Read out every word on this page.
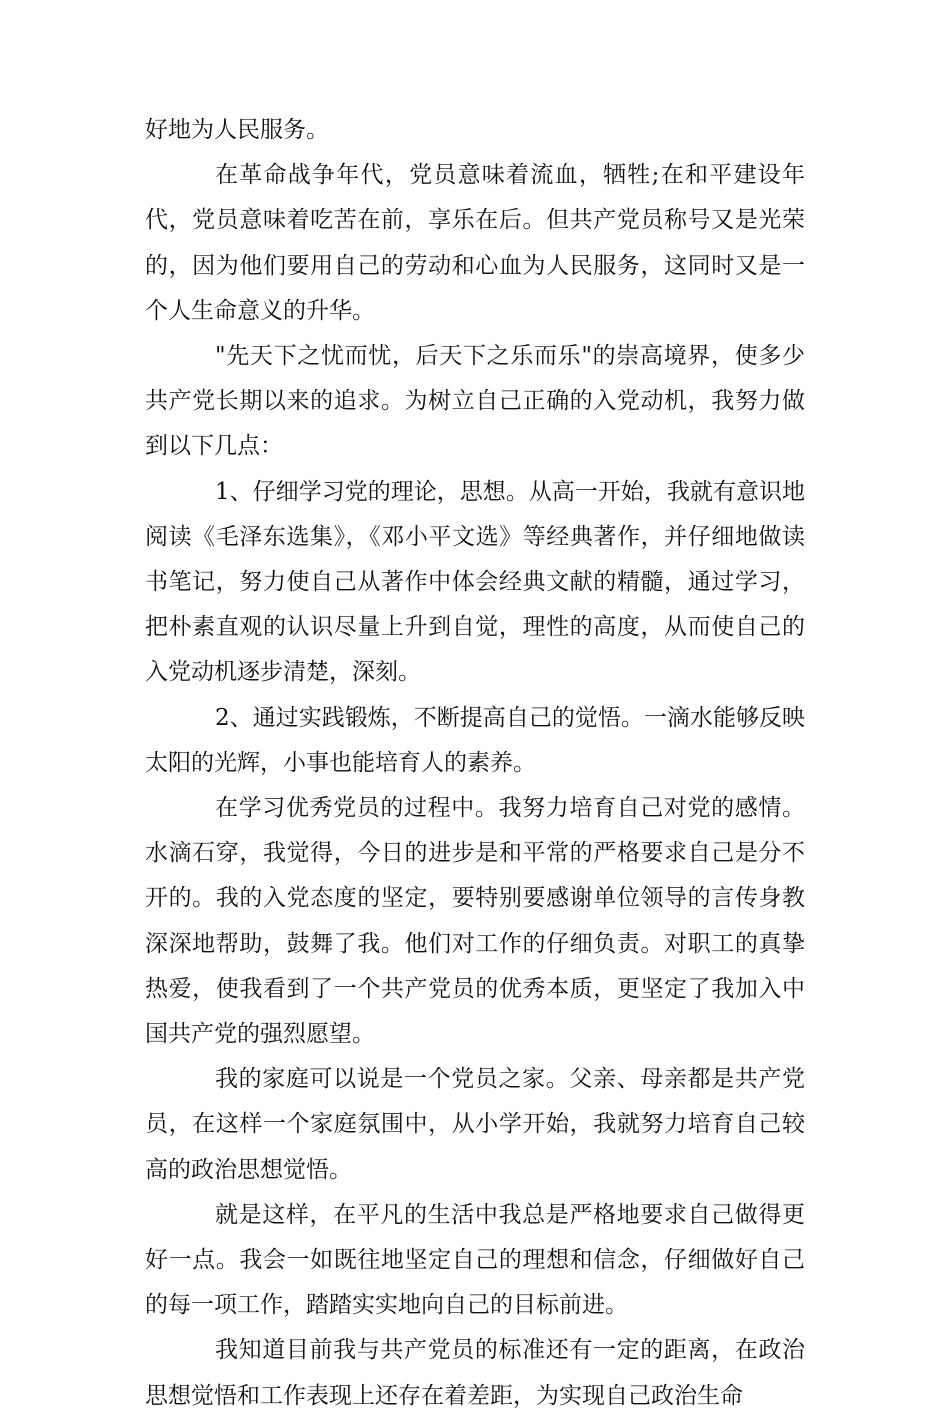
好地为人民服务。

在革命战争年代，党员意味着流血，牺牲;在和平建设年代，党员意味着吃苦在前，享乐在后。但共产党员称号又是光荣的，因为他们要用自己的劳动和心血为人民服务，这同时又是一个人生命意义的升华。

"先天下之忧而忧，后天下之乐而乐"的崇高境界，使多少共产党长期以来的追求。为树立自己正确的入党动机，我努力做到以下几点：

1、仔细学习党的理论，思想。从高一开始，我就有意识地阅读《毛泽东选集》，《邓小平文选》等经典著作，并仔细地做读书笔记，努力使自己从著作中体会经典文献的精髓，通过学习，把朴素直观的认识尽量上升到自觉，理性的高度，从而使自己的入党动机逐步清楚，深刻。

2、通过实践锻炼，不断提高自己的觉悟。一滴水能够反映太阳的光辉，小事也能培育人的素养。

在学习优秀党员的过程中。我努力培育自己对党的感情。水滴石穿，我觉得，今日的进步是和平常的严格要求自己是分不开的。我的入党态度的坚定，要特别要感谢单位领导的言传身教深深地帮助，鼓舞了我。他们对工作的仔细负责。对职工的真挚热爱，使我看到了一个共产党员的优秀本质，更坚定了我加入中国共产党的强烈愿望。

我的家庭可以说是一个党员之家。父亲、母亲都是共产党员，在这样一个家庭氛围中，从小学开始，我就努力培育自己较高的政治思想觉悟。

就是这样，在平凡的生活中我总是严格地要求自己做得更好一点。我会一如既往地坚定自己的理想和信念，仔细做好自己的每一项工作，踏踏实实地向自己的目标前进。

我知道目前我与共产党员的标准还有一定的距离，在政治思想觉悟和工作表现上还存在着差距，为实现自己政治生命
